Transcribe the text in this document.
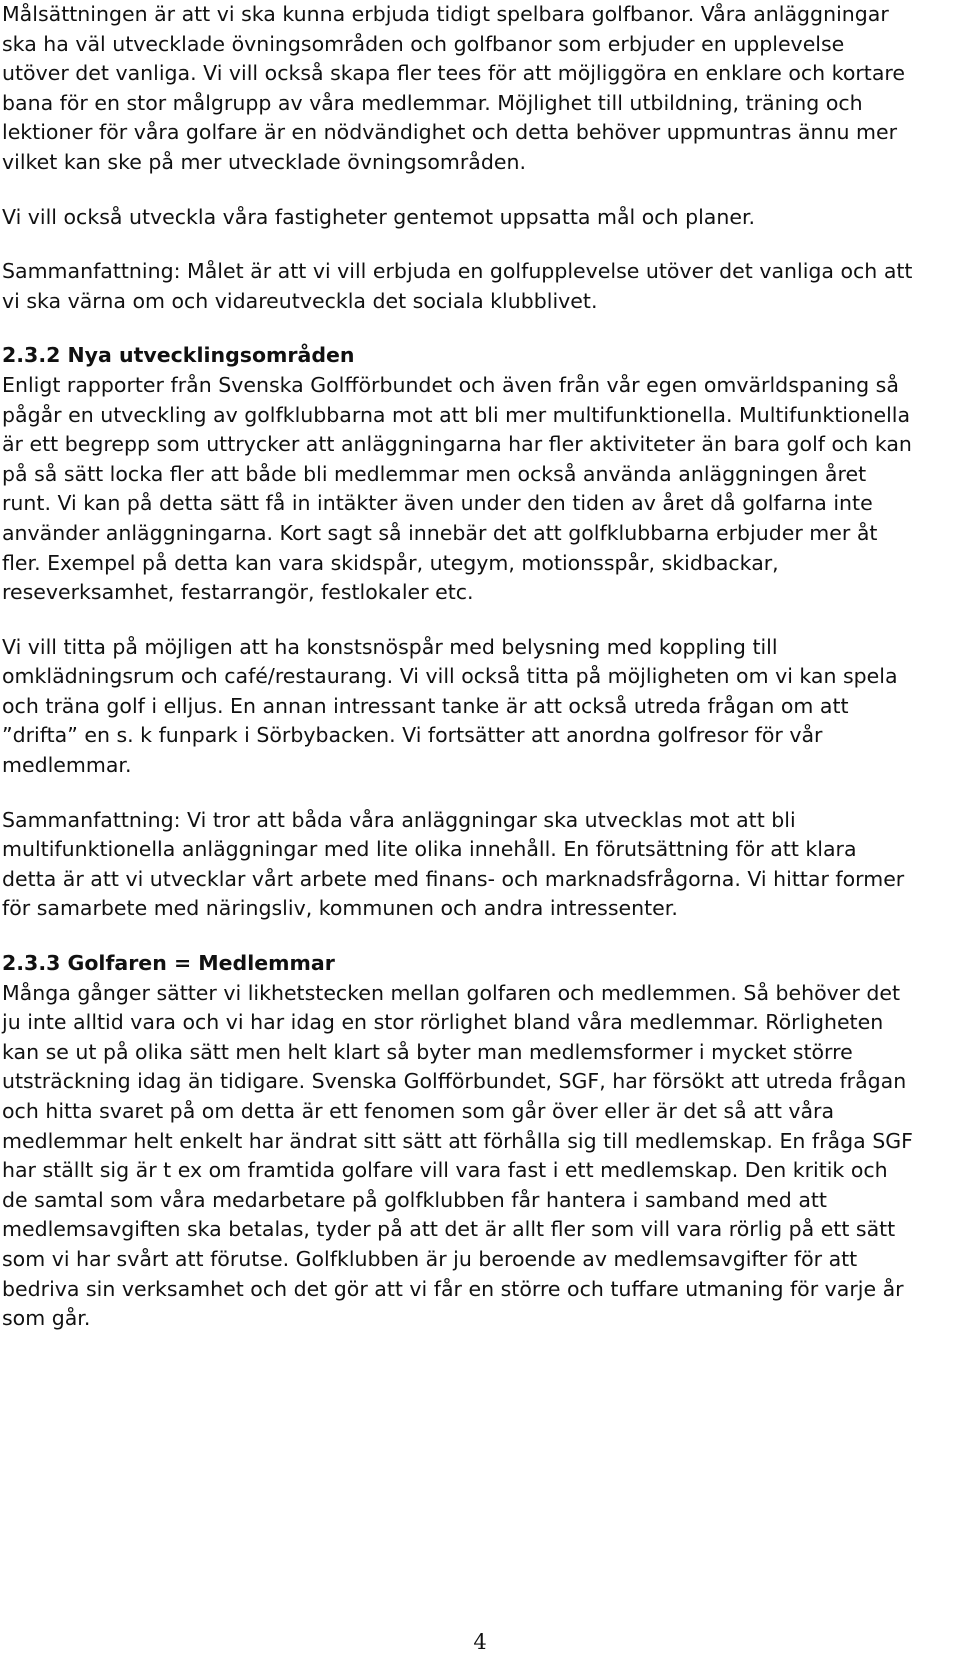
Målsättningen är att vi ska kunna erbjuda tidigt spelbara golfbanor. Våra anläggningar ska ha väl utvecklade övningsområden och golfbanor som erbjuder en upplevelse utöver det vanliga. Vi vill också skapa fler tees för att möjliggöra en enklare och kortare bana för en stor målgrupp av våra medlemmar. Möjlighet till utbildning, träning och lektioner för våra golfare är en nödvändighet och detta behöver uppmuntras ännu mer vilket kan ske på mer utvecklade övningsområden.

Vi vill också utveckla våra fastigheter gentemot uppsatta mål och planer.

Sammanfattning: Målet är att vi vill erbjuda en golfupplevelse utöver det vanliga och att vi ska värna om och vidareutveckla det sociala klubblivet.

2.3.2 Nya utvecklingsområden

Enligt rapporter från Svenska Golfförbundet och även från vår egen omvärldspaning så pågår en utveckling av golfklubbarna mot att bli mer multifunktionella. Multifunktionella är ett begrepp som uttrycker att anläggningarna har fler aktiviteter än bara golf och kan på så sätt locka fler att både bli medlemmar men också använda anläggningen året runt. Vi kan på detta sätt få in intäkter även under den tiden av året då golfarna inte använder anläggningarna. Kort sagt så innebär det att golfklubbarna erbjuder mer åt fler. Exempel på detta kan vara skidspår, utegym, motionsspår, skidbackar, reseverksamhet, festarrangör, festlokaler etc.

Vi vill titta på möjligen att ha konstsnöspår med belysning med koppling till omklädningsrum och café/restaurang. Vi vill också titta på möjligheten om vi kan spela och träna golf i elljus. En annan intressant tanke är att också utreda frågan om att ”drifta” en s. k funpark i Sörbybacken. Vi fortsätter att anordna golfresor för vår medlemmar.

Sammanfattning: Vi tror att båda våra anläggningar ska utvecklas mot att bli multifunktionella anläggningar med lite olika innehåll. En förutsättning för att klara detta är att vi utvecklar vårt arbete med finans- och marknadsfrågorna. Vi hittar former för samarbete med näringsliv, kommunen och andra intressenter.

2.3.3 Golfaren = Medlemmar

Många gånger sätter vi likhetstecken mellan golfaren och medlemmen. Så behöver det ju inte alltid vara och vi har idag en stor rörlighet bland våra medlemmar. Rörligheten kan se ut på olika sätt men helt klart så byter man medlemsformer i mycket större utsträckning idag än tidigare. Svenska Golfförbundet, SGF, har försökt att utreda frågan och hitta svaret på om detta är ett fenomen som går över eller är det så att våra medlemmar helt enkelt har ändrat sitt sätt att förhålla sig till medlemskap. En fråga SGF har ställt sig är t ex om framtida golfare vill vara fast i ett medlemskap. Den kritik och de samtal som våra medarbetare på golfklubben får hantera i samband med att medlemsavgiften ska betalas, tyder på att det är allt fler som vill vara rörlig på ett sätt som vi har svårt att förutse. Golfklubben är ju beroende av medlemsavgifter för att bedriva sin verksamhet och det gör att vi får en större och tuffare utmaning för varje år som går.

4
